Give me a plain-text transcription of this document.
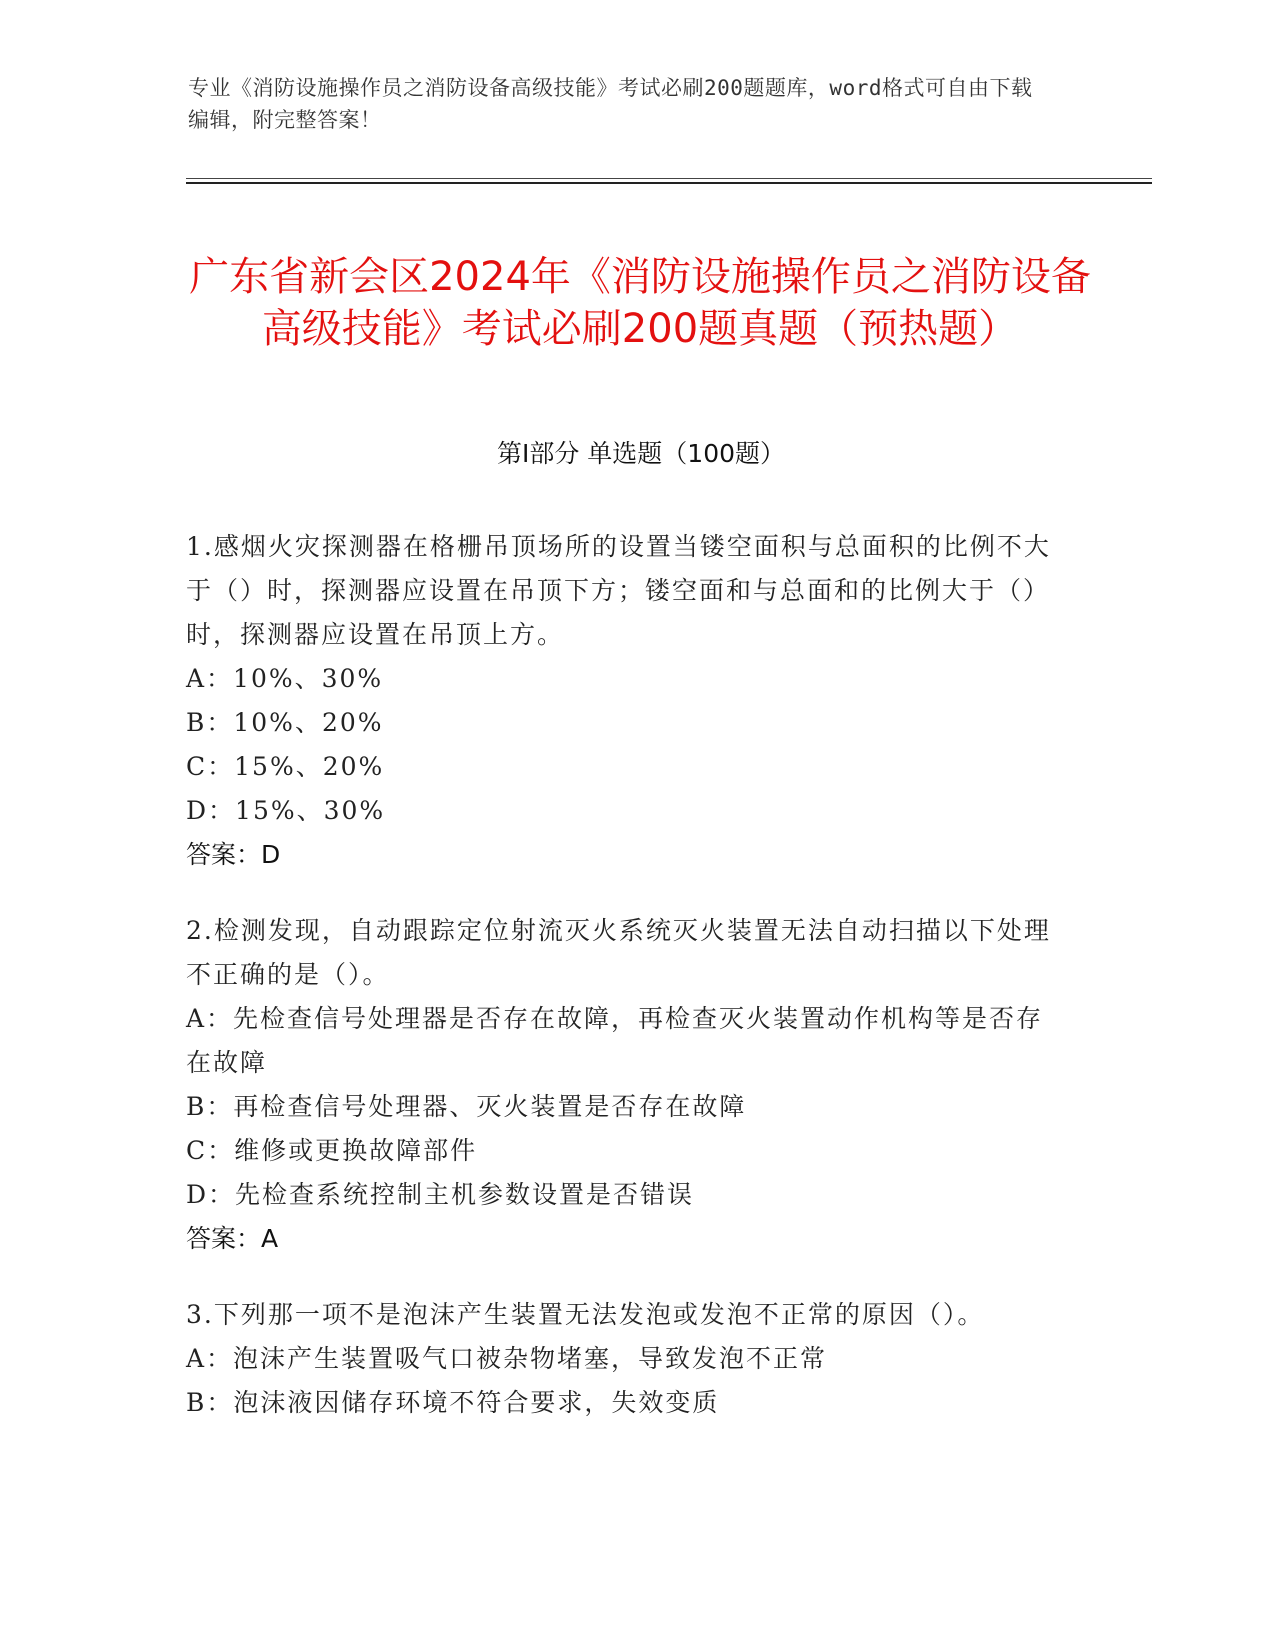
专业《消防设施操作员之消防设备高级技能》考试必刷200题题库，word格式可自由下载编辑，附完整答案！
广东省新会区2024年《消防设施操作员之消防设备高级技能》考试必刷200题真题（预热题）
第I部分 单选题（100题）
1.感烟火灾探测器在格栅吊顶场所的设置当镂空面积与总面积的比例不大于（）时，探测器应设置在吊顶下方；镂空面和与总面和的比例大于（）时，探测器应设置在吊顶上方。
A：10%、30%
B：10%、20%
C：15%、20%
D：15%、30%
答案：D
2.检测发现，自动跟踪定位射流灭火系统灭火装置无法自动扫描以下处理不正确的是（）。
A：先检查信号处理器是否存在故障，再检查灭火装置动作机构等是否存在故障
B：再检查信号处理器、灭火装置是否存在故障
C：维修或更换故障部件
D：先检查系统控制主机参数设置是否错误
答案：A
3.下列那一项不是泡沫产生装置无法发泡或发泡不正常的原因（）。
A：泡沫产生装置吸气口被杂物堵塞，导致发泡不正常
B：泡沫液因储存环境不符合要求，失效变质
